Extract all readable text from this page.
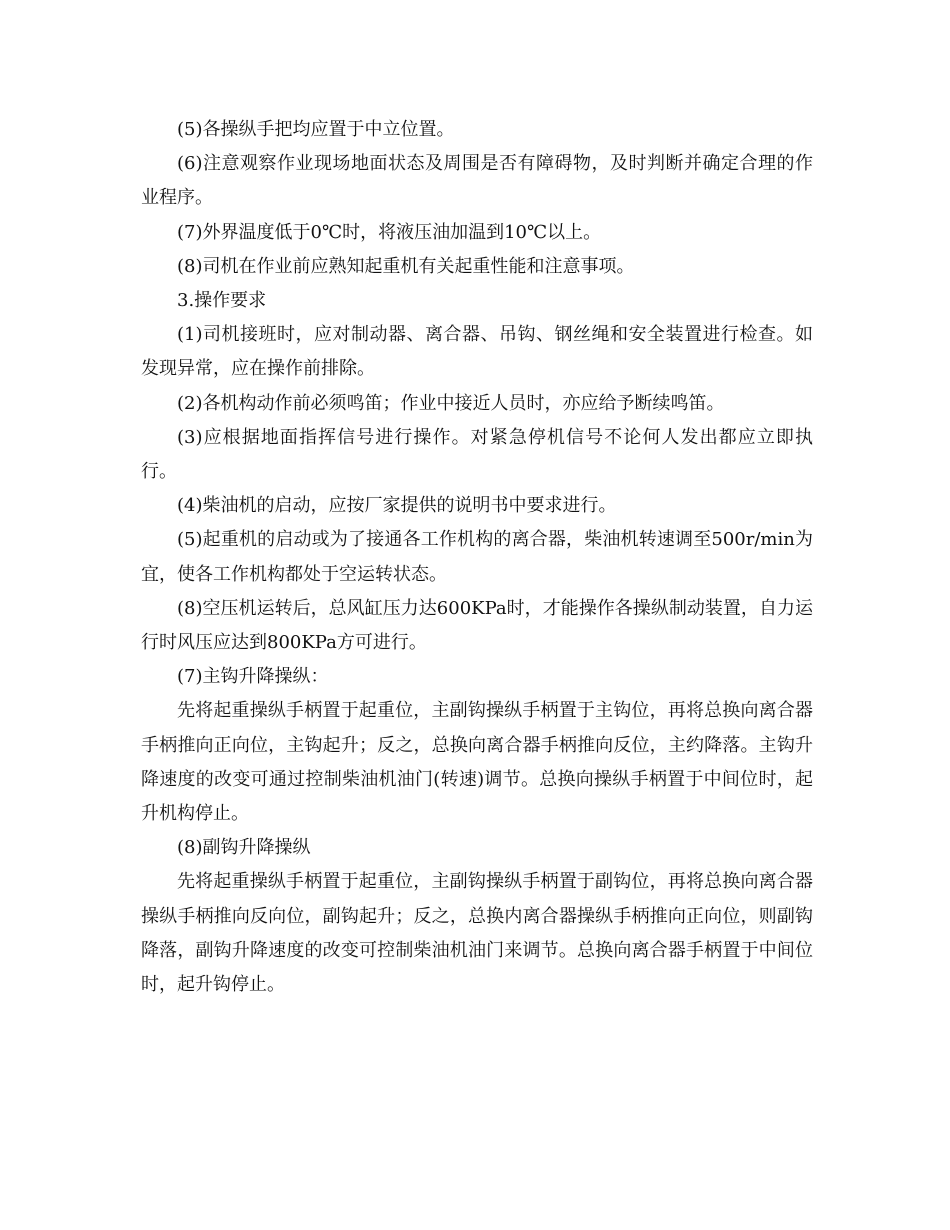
(5)各操纵手把均应置于中立位置。

(6)注意观察作业现场地面状态及周围是否有障碍物，及时判断并确定合理的作业程序。

(7)外界温度低于0℃时，将液压油加温到10℃以上。

(8)司机在作业前应熟知起重机有关起重性能和注意事项。

3.操作要求

(1)司机接班时，应对制动器、离合器、吊钩、钢丝绳和安全装置进行检查。如发现异常，应在操作前排除。

(2)各机构动作前必须鸣笛；作业中接近人员时，亦应给予断续鸣笛。

(3)应根据地面指挥信号进行操作。对紧急停机信号不论何人发出都应立即执行。

(4)柴油机的启动，应按厂家提供的说明书中要求进行。

(5)起重机的启动或为了接通各工作机构的离合器，柴油机转速调至500r/min为宜，使各工作机构都处于空运转状态。

(8)空压机运转后，总风缸压力达600KPa时，才能操作各操纵制动装置，自力运行时风压应达到800KPa方可进行。

(7)主钩升降操纵：

先将起重操纵手柄置于起重位，主副钩操纵手柄置于主钩位，再将总换向离合器手柄推向正向位，主钩起升；反之，总换向离合器手柄推向反位，主约降落。主钩升降速度的改变可通过控制柴油机油门(转速)调节。总换向操纵手柄置于中间位时，起升机构停止。

(8)副钩升降操纵

先将起重操纵手柄置于起重位，主副钩操纵手柄置于副钩位，再将总换向离合器操纵手柄推向反向位，副钩起升；反之，总换内离合器操纵手柄推向正向位，则副钩降落，副钩升降速度的改变可控制柴油机油门来调节。总换向离合器手柄置于中间位时，起升钩停止。
